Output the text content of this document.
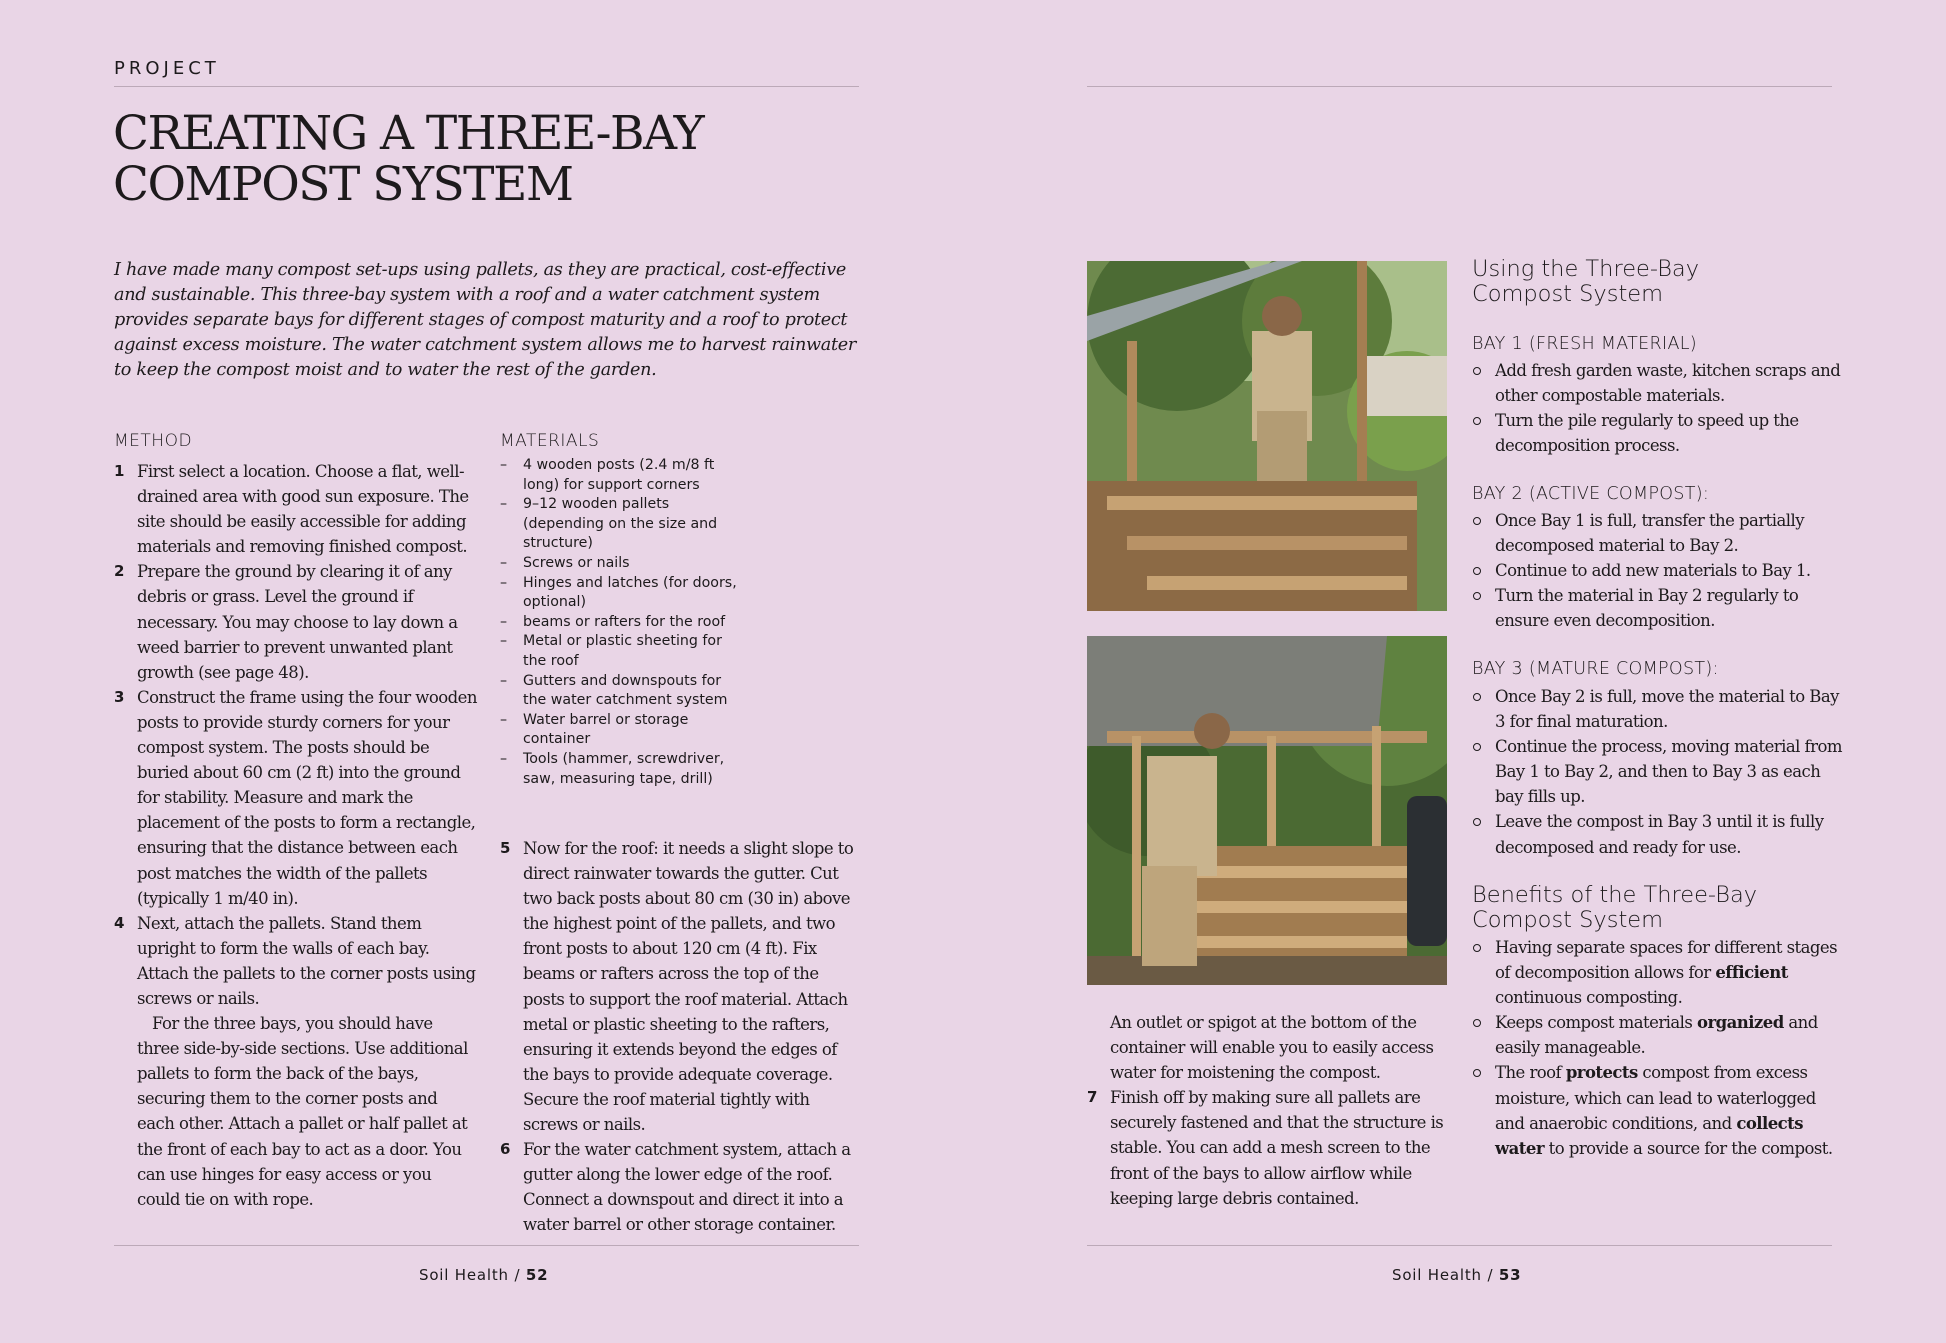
PROJECT
CREATING A THREE-BAY
COMPOST SYSTEM

I have made many compost set-ups using pallets, as they are practical, cost-effective and sustainable. This three-bay system with a roof and a water catchment system provides separate bays for different stages of compost maturity and a roof to protect against excess moisture. The water catchment system allows me to harvest rainwater to keep the compost moist and to water the rest of the garden.

METHOD
1 First select a location. Choose a flat, well-drained area with good sun exposure. The site should be easily accessible for adding materials and removing finished compost.
2 Prepare the ground by clearing it of any debris or grass. Level the ground if necessary. You may choose to lay down a weed barrier to prevent unwanted plant growth (see page 48).
3 Construct the frame using the four wooden posts to provide sturdy corners for your compost system. The posts should be buried about 60 cm (2 ft) into the ground for stability. Measure and mark the placement of the posts to form a rectangle, ensuring that the distance between each post matches the width of the pallets (typically 1 m/40 in).
4 Next, attach the pallets. Stand them upright to form the walls of each bay. Attach the pallets to the corner posts using screws or nails.
For the three bays, you should have three side-by-side sections. Use additional pallets to form the back of the bays, securing them to the corner posts and each other. Attach a pallet or half pallet at the front of each bay to act as a door. You can use hinges for easy access or you could tie on with rope.
MATERIALS
– 4 wooden posts (2.4 m/8 ft long) for support corners
– 9–12 wooden pallets (depending on the size and structure)
– Screws or nails
– Hinges and latches (for doors, optional)
– beams or rafters for the roof
– Metal or plastic sheeting for the roof
– Gutters and downspouts for the water catchment system
– Water barrel or storage container
– Tools (hammer, screwdriver, saw, measuring tape, drill)
5 Now for the roof: it needs a slight slope to direct rainwater towards the gutter. Cut two back posts about 80 cm (30 in) above the highest point of the pallets, and two front posts to about 120 cm (4 ft). Fix beams or rafters across the top of the posts to support the roof material. Attach metal or plastic sheeting to the rafters, ensuring it extends beyond the edges of the bays to provide adequate coverage. Secure the roof material tightly with screws or nails.
6 For the water catchment system, attach a gutter along the lower edge of the roof. Connect a downspout and direct it into a water barrel or other storage container.
Soil Health / 52
An outlet or spigot at the bottom of the container will enable you to easily access water for moistening the compost.
7 Finish off by making sure all pallets are securely fastened and that the structure is stable. You can add a mesh screen to the front of the bays to allow airflow while keeping large debris contained.
Using the Three-Bay
Compost System
BAY 1 (FRESH MATERIAL)
Add fresh garden waste, kitchen scraps and other compostable materials.
Turn the pile regularly to speed up the decomposition process.
BAY 2 (ACTIVE COMPOST):
Once Bay 1 is full, transfer the partially decomposed material to Bay 2.
Continue to add new materials to Bay 1.
Turn the material in Bay 2 regularly to ensure even decomposition.
BAY 3 (MATURE COMPOST):
Once Bay 2 is full, move the material to Bay 3 for final maturation.
Continue the process, moving material from Bay 1 to Bay 2, and then to Bay 3 as each bay fills up.
Leave the compost in Bay 3 until it is fully decomposed and ready for use.
Benefits of the Three-Bay
Compost System
Having separate spaces for different stages of decomposition allows for efficient continuous composting.
Keeps compost materials organized and easily manageable.
The roof protects compost from excess moisture, which can lead to waterlogged and anaerobic conditions, and collects water to provide a source for the compost.
Soil Health / 53
